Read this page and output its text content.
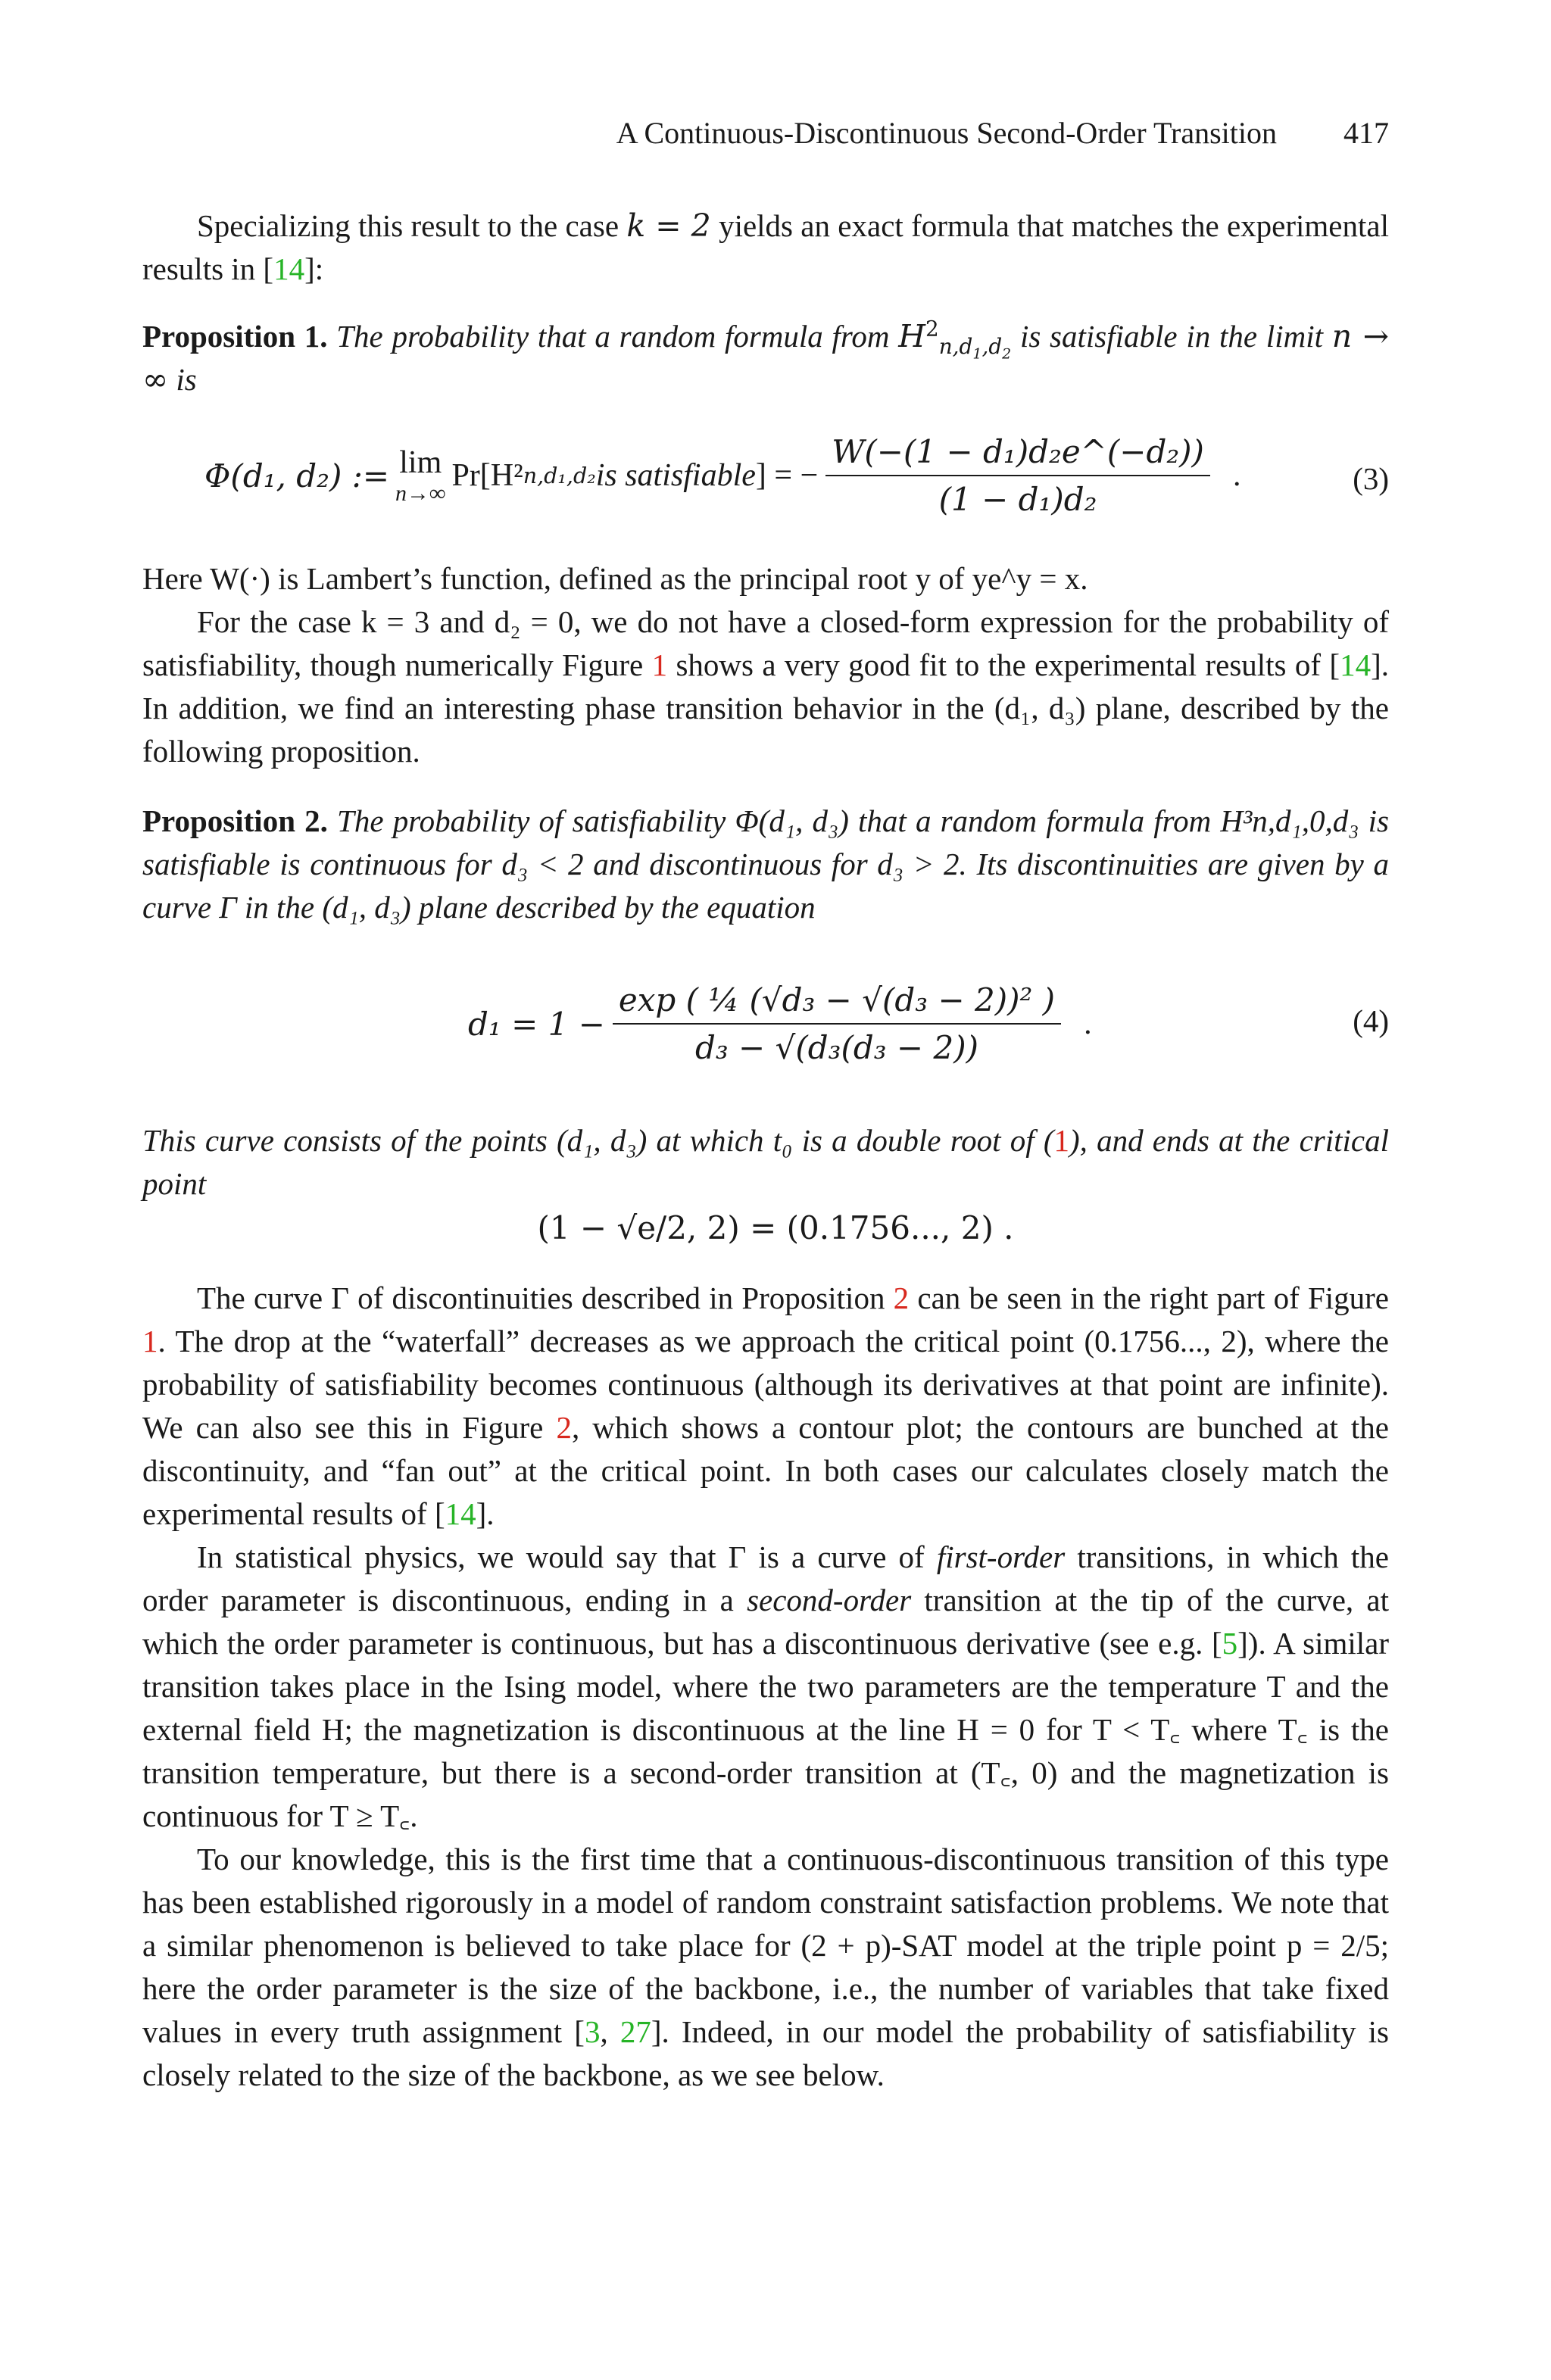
A Continuous-Discontinuous Second-Order Transition 417

Specializing this result to the case k = 2 yields an exact formula that matches the experimental results in [14]:

Proposition 1. The probability that a random formula from $H^2_{n,d_1,d_2}$ is satisfiable in the limit n → ∞ is

Φ(d₁, d₂) := lim
n→∞
Pr[H² n,d₁,d₂ is satisfiable ] = − $\frac{\text{W(−(1 − d₁)d₂e\textasciicircum{}(−d₂))}}{\text{(1 − d₁)d₂}}$ .	(3)

Here W(·) is Lambert’s function, defined as the principal root y of ye^y = x.

For the case k = 3 and d₂ = 0, we do not have a closed-form expression for the probability of satisfiability, though numerically Figure 1 shows a very good fit to the experimental results of [14]. In addition, we find an interesting phase transition behavior in the (d₁, d₃) plane, described by the following proposition.

Proposition 2. The probability of satisfiability Φ(d₁, d₃) that a random formula from H³n,d₁,0,d₃ is satisfiable is continuous for d₃ < 2 and discontinuous for d₃ > 2. Its discontinuities are given by a curve Γ in the (d₁, d₃) plane described by the equation

$d_1 = 1 - \frac{\text{exp ( ¼ (√d₃ − √(d₃ − 2))² )}}{\text{d₃ − √(d₃(d₃ − 2))}}$ .	(4)

This curve consists of the points (d₁, d₃) at which t₀ is a double root of (1), and ends at the critical point

(1 − √e/2, 2) = (0.1756..., 2) .

The curve Γ of discontinuities described in Proposition 2 can be seen in the right part of Figure 1. The drop at the “waterfall” decreases as we approach the critical point (0.1756..., 2), where the probability of satisfiability becomes continuous (although its derivatives at that point are infinite). We can also see this in Figure 2, which shows a contour plot; the contours are bunched at the discontinuity, and “fan out” at the critical point. In both cases our calculates closely match the experimental results of [14].

In statistical physics, we would say that Γ is a curve of first-order transitions, in which the order parameter is discontinuous, ending in a second-order transition at the tip of the curve, at which the order parameter is continuous, but has a discontinuous derivative (see e.g. [5]). A similar transition takes place in the Ising model, where the two parameters are the temperature T and the external field H; the magnetization is discontinuous at the line H = 0 for T < T꜀ where T꜀ is the transition temperature, but there is a second-order transition at (T꜀, 0) and the magnetization is continuous for T ≥ T꜀.

To our knowledge, this is the first time that a continuous-discontinuous transition of this type has been established rigorously in a model of random constraint satisfaction problems. We note that a similar phenomenon is believed to take place for (2 + p)-SAT model at the triple point p = 2/5; here the order parameter is the size of the backbone, i.e., the number of variables that take fixed values in every truth assignment [3, 27]. Indeed, in our model the probability of satisfiability is closely related to the size of the backbone, as we see below.
